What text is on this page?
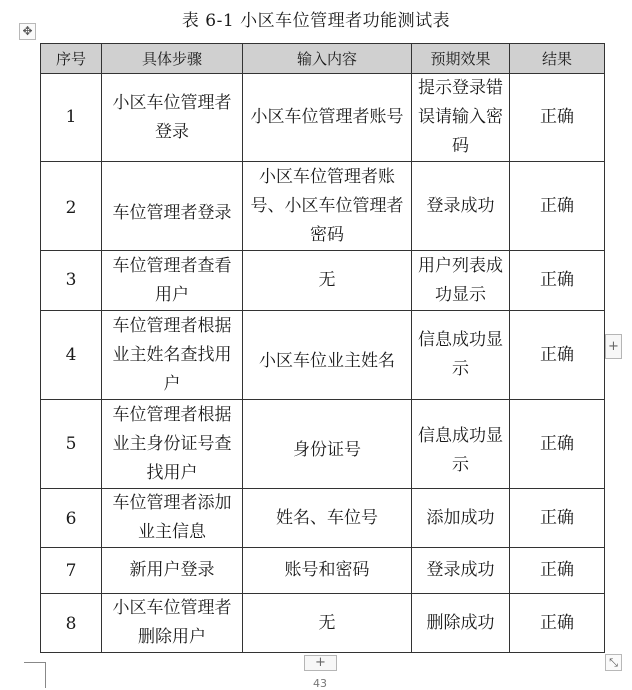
表 6-1 小区车位管理者功能测试表
✥
序号	具体步骤	输入内容	预期效果	结果
1	小区车位管理者登录	小区车位管理者账号	提示登录错误请输入密码	正确
2	车位管理者登录	小区车位管理者账号、小区车位管理者密码	登录成功	正确
3	车位管理者查看用户	无	用户列表成功显示	正确
4	车位管理者根据业主姓名查找用户	小区车位业主姓名	信息成功显示	正确
5	车位管理者根据业主身份证号查找用户	身份证号	信息成功显示	正确
6	车位管理者添加业主信息	姓名、车位号	添加成功	正确
7	新用户登录	账号和密码	登录成功	正确
8	小区车位管理者删除用户	无	删除成功	正确
+
+	⤡
43
